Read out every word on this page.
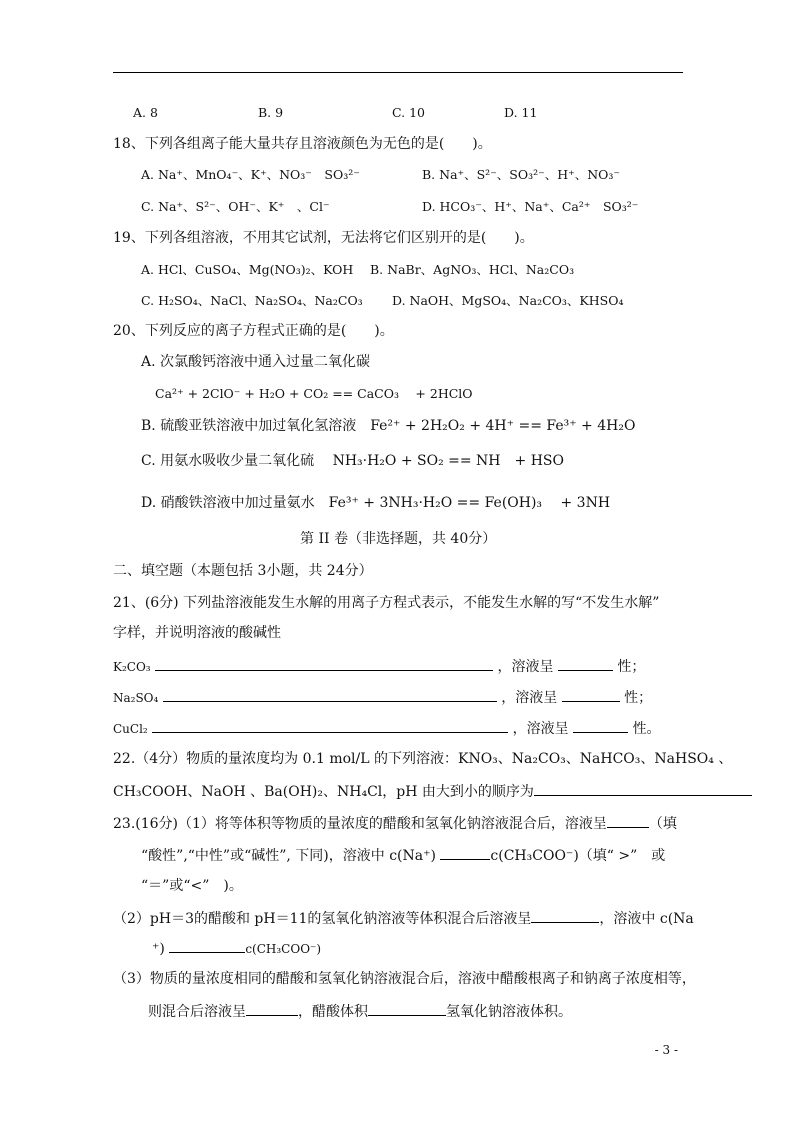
A. 8	B. 9	C. 10	D. 11
18、下列各组离子能大量共存且溶液颜色为无色的是(　　)。
A. Na⁺、MnO₄⁻、K⁺、NO₃⁻　SO₃²⁻	B. Na⁺、S²⁻、SO₃²⁻、H⁺、NO₃⁻
C. Na⁺、S²⁻、OH⁻、K⁺　、Cl⁻	D. HCO₃⁻、H⁺、Na⁺、Ca²⁺　SO₃²⁻
19、下列各组溶液，不用其它试剂，无法将它们区别开的是(　　)。
A. HCl、CuSO₄、Mg(NO₃)₂、KOH B. NaBr、AgNO₃、HCl、Na₂CO₃
C. H₂SO₄、NaCl、Na₂SO₄、Na₂CO₃ D. NaOH、MgSO₄、Na₂CO₃、KHSO₄
20、下列反应的离子方程式正确的是(　　)。
A. 次氯酸钙溶液中通入过量二氧化碳
Ca²⁺ + 2ClO⁻ + H₂O + CO₂ == CaCO₃　 + 2HClO
B. 硫酸亚铁溶液中加过氧化氢溶液　Fe²⁺ + 2H₂O₂ + 4H⁺ == Fe³⁺ + 4H₂O
C. 用氨水吸收少量二氧化硫　 NH₃·H₂O + SO₂ == NH　+ HSO
D. 硝酸铁溶液中加过量氨水　Fe³⁺ + 3NH₃·H₂O == Fe(OH)₃　 + 3NH
第 II 卷（非选择题，共 40分）
二、填空题（本题包括 3小题，共 24分）
21、(6分) 下列盐溶液能发生水解的用离子方程式表示，不能发生水解的写“不发生水解”
字样，并说明溶液的酸碱性
K₂CO₃	，溶液呈	性；
Na₂SO₄	，溶液呈	性；
CuCl₂	，溶液呈	性。
22.（4分）物质的量浓度均为 0.1 mol/L 的下列溶液：KNO₃、Na₂CO₃、NaHCO₃、NaHSO₄ 、
CH₃COOH、NaOH 、Ba(OH)₂、NH₄Cl，pH 由大到小的顺序为
23.(16分)（1）将等体积等物质的量浓度的醋酸和氢氧化钠溶液混合后，溶液呈	（填
“酸性”,“中性”或“碱性”, 下同)，溶液中 c(Na⁺)	c(CH₃COO⁻)（填“ >”　或
“＝”或“<”　)。
（2）pH＝3的醋酸和 pH＝11的氢氧化钠溶液等体积混合后溶液呈	，溶液中 c(Na
⁺)	c(CH₃COO⁻)
（3）物质的量浓度相同的醋酸和氢氧化钠溶液混合后，溶液中醋酸根离子和钠离子浓度相等，
则混合后溶液呈	，醋酸体积	氢氧化钠溶液体积。
- 3 -
